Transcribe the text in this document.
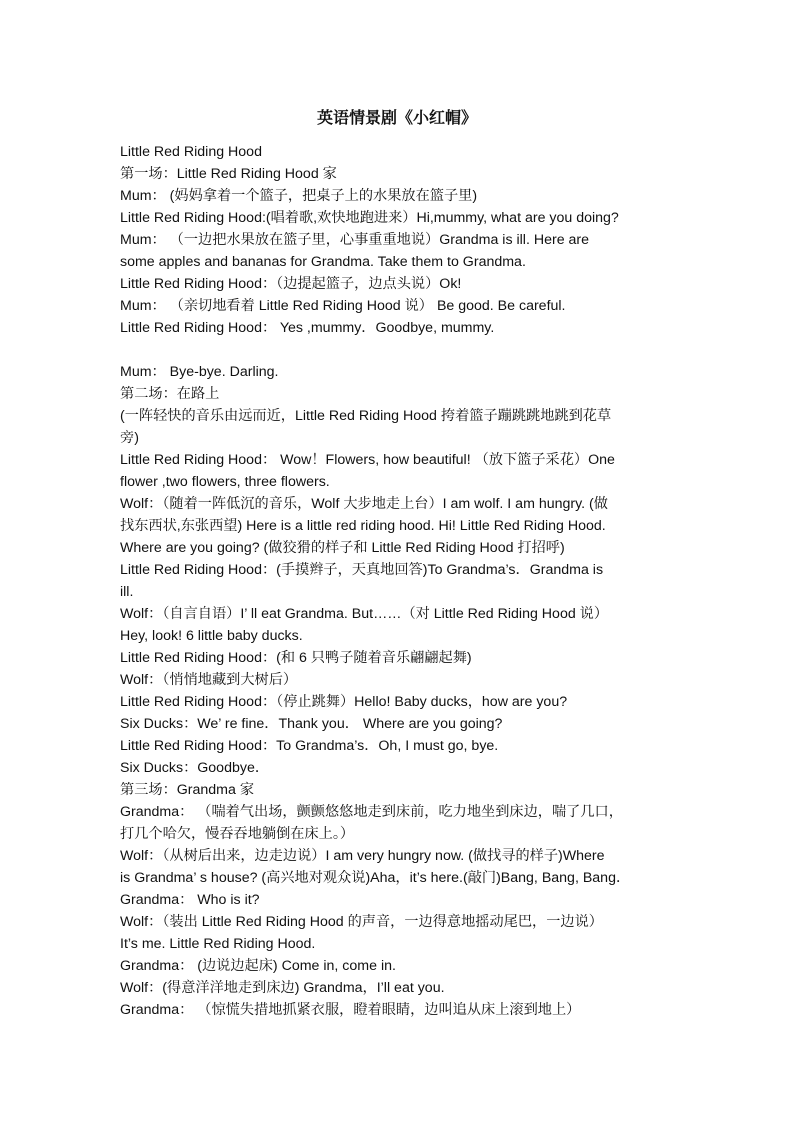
英语情景剧《小红帽》

Little Red Riding Hood

第一场：Little Red Riding Hood 家

Mum： (妈妈拿着一个篮子，把桌子上的水果放在篮子里)

Little Red Riding Hood:(唱着歌,欢快地跑进来）Hi,mummy, what are you doing?

Mum： （一边把水果放在篮子里，心事重重地说）Grandma is ill. Here are

some apples and bananas for Grandma. Take them to Grandma.

Little Red Riding Hood：（边提起篮子，边点头说）Ok!

Mum： （亲切地看着 Little Red Riding Hood 说） Be good. Be careful.

Little Red Riding Hood： Yes ,mummy．Goodbye, mummy.

Mum： Bye-bye. Darling.

第二场：在路上

(一阵轻快的音乐由远而近，Little Red Riding Hood 挎着篮子蹦跳跳地跳到花草

旁)

Little Red Riding Hood： Wow！Flowers, how beautiful! （放下篮子采花）One

flower ,two flowers, three flowers.

Wolf：（随着一阵低沉的音乐，Wolf 大步地走上台）I am wolf. I am hungry. (做

找东西状,东张西望) Here is a little red riding hood. Hi! Little Red Riding Hood.

Where are you going? (做狡猾的样子和 Little Red Riding Hood 打招呼)

Little Red Riding Hood：(手摸辫子，天真地回答)To Grandma’s．Grandma is

ill.

Wolf：（自言自语）I’ ll eat Grandma. But……（对 Little Red Riding Hood 说）

Hey, look! 6 little baby ducks.

Little Red Riding Hood：(和 6 只鸭子随着音乐翩翩起舞)

Wolf：（悄悄地藏到大树后）

Little Red Riding Hood：（停止跳舞）Hello! Baby ducks，how are you?

Six Ducks：We’ re fine．Thank you． Where are you going?

Little Red Riding Hood：To Grandma’s．Oh, I must go, bye.

Six Ducks：Goodbye．

第三场：Grandma 家

Grandma： （喘着气出场，颤颤悠悠地走到床前，吃力地坐到床边，喘了几口，

打几个哈欠，慢吞吞地躺倒在床上。）

Wolf：（从树后出来，边走边说）I am very hungry now. (做找寻的样子)Where

is Grandma’ s house? (高兴地对观众说)Aha，it’s here.(敲门)Bang, Bang, Bang．

Grandma： Who is it?

Wolf：（装出 Little Red Riding Hood 的声音，一边得意地摇动尾巴，一边说）

It’s me. Little Red Riding Hood.

Grandma： (边说边起床) Come in, come in.

Wolf：(得意洋洋地走到床边) Grandma，I’ll eat you.

Grandma： （惊慌失措地抓紧衣服，瞪着眼睛，边叫追从床上滚到地上）
